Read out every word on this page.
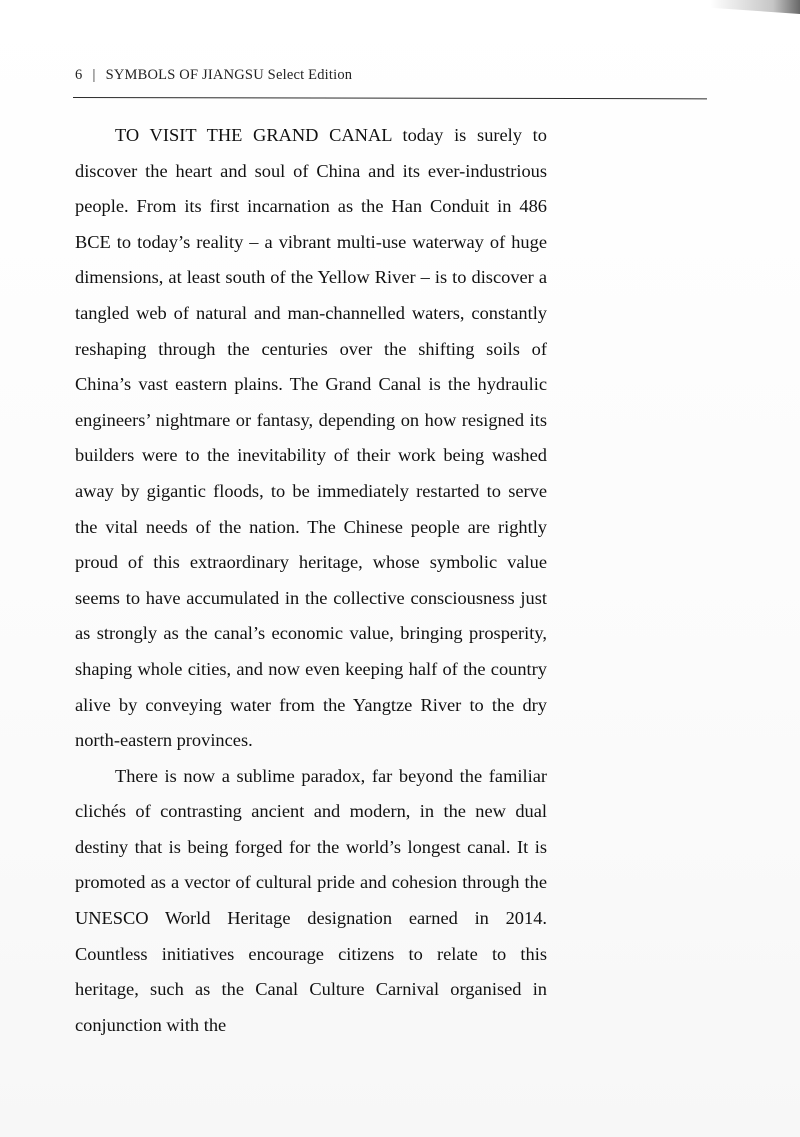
6 | SYMBOLS OF JIANGSU Select Edition

TO VISIT THE GRAND CANAL today is surely to discover the heart and soul of China and its ever-industrious people. From its first incarnation as the Han Conduit in 486 BCE to today’s reality – a vibrant multi-use waterway of huge dimensions, at least south of the Yellow River – is to discover a tangled web of natural and man-channelled waters, constantly reshaping through the centuries over the shifting soils of China’s vast eastern plains. The Grand Canal is the hydraulic engineers’ nightmare or fantasy, depending on how resigned its builders were to the inevitability of their work being washed away by gigantic floods, to be immediately restarted to serve the vital needs of the nation. The Chinese people are rightly proud of this extraordinary heritage, whose symbolic value seems to have accumulated in the collective consciousness just as strongly as the canal’s economic value, bringing prosperity, shaping whole cities, and now even keeping half of the country alive by conveying water from the Yangtze River to the dry north-eastern provinces.

There is now a sublime paradox, far beyond the familiar clichés of contrasting ancient and modern, in the new dual destiny that is being forged for the world’s longest canal. It is promoted as a vector of cultural pride and cohesion through the UNESCO World Heritage designation earned in 2014. Countless initiatives encourage citizens to relate to this heritage, such as the Canal Culture Carnival organised in conjunction with the
